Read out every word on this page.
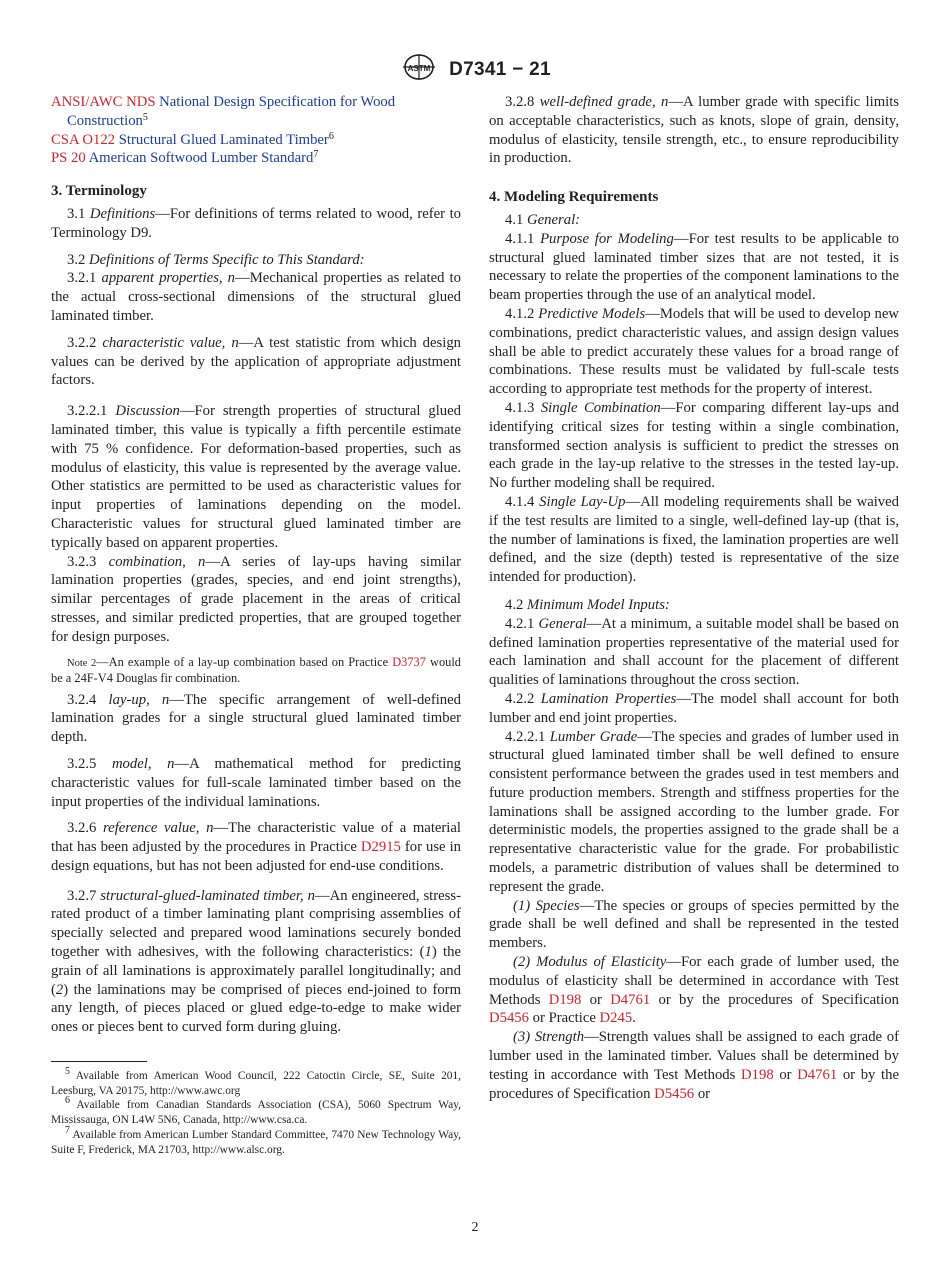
ASTM D7341 − 21

ANSI/AWC NDS National Design Specification for Wood Construction$^5$

CSA O122 Structural Glued Laminated Timber$^6$

PS 20 American Softwood Lumber Standard$^7$

3. Terminology

3.1 Definitions—For definitions of terms related to wood, refer to Terminology D9.

3.2 Definitions of Terms Specific to This Standard:

3.2.1 apparent properties, n—Mechanical properties as related to the actual cross-sectional dimensions of the structural glued laminated timber.

3.2.2 characteristic value, n—A test statistic from which design values can be derived by the application of appropriate adjustment factors.

3.2.2.1 Discussion—For strength properties of structural glued laminated timber, this value is typically a fifth percentile estimate with 75 % confidence. For deformation-based properties, such as modulus of elasticity, this value is represented by the average value. Other statistics are permitted to be used as characteristic values for input properties of laminations depending on the model. Characteristic values for structural glued laminated timber are typically based on apparent properties.

3.2.3 combination, n—A series of lay-ups having similar lamination properties (grades, species, and end joint strengths), similar percentages of grade placement in the areas of critical stresses, and similar predicted properties, that are grouped together for design purposes.

Note 2—An example of a lay-up combination based on Practice D3737 would be a 24F-V4 Douglas fir combination.

3.2.4 lay-up, n—The specific arrangement of well-defined lamination grades for a single structural glued laminated timber depth.

3.2.5 model, n—A mathematical method for predicting characteristic values for full-scale laminated timber based on the input properties of the individual laminations.

3.2.6 reference value, n—The characteristic value of a material that has been adjusted by the procedures in Practice D2915 for use in design equations, but has not been adjusted for end-use conditions.

3.2.7 structural-glued-laminated timber, n—An engineered, stress-rated product of a timber laminating plant comprising assemblies of specially selected and prepared wood laminations securely bonded together with adhesives, with the following characteristics: (1) the grain of all laminations is approximately parallel longitudinally; and (2) the laminations may be comprised of pieces end-joined to form any length, of pieces placed or glued edge-to-edge to make wider ones or pieces bent to curved form during gluing.

$^5$ Available from American Wood Council, 222 Catoctin Circle, SE, Suite 201, Leesburg, VA 20175, http://www.awc.org

$^6$ Available from Canadian Standards Association (CSA), 5060 Spectrum Way, Mississauga, ON L4W 5N6, Canada, http://www.csa.ca.

$^7$ Available from American Lumber Standard Committee, 7470 New Technology Way, Suite F, Frederick, MA 21703, http://www.alsc.org.

3.2.8 well-defined grade, n—A lumber grade with specific limits on acceptable characteristics, such as knots, slope of grain, density, modulus of elasticity, tensile strength, etc., to ensure reproducibility in production.

4. Modeling Requirements

4.1 General:

4.1.1 Purpose for Modeling—For test results to be applicable to structural glued laminated timber sizes that are not tested, it is necessary to relate the properties of the component laminations to the beam properties through the use of an analytical model.

4.1.2 Predictive Models—Models that will be used to develop new combinations, predict characteristic values, and assign design values shall be able to predict accurately these values for a broad range of combinations. These results must be validated by full-scale tests according to appropriate test methods for the property of interest.

4.1.3 Single Combination—For comparing different lay-ups and identifying critical sizes for testing within a single combination, transformed section analysis is sufficient to predict the stresses on each grade in the lay-up relative to the stresses in the tested lay-up. No further modeling shall be required.

4.1.4 Single Lay-Up—All modeling requirements shall be waived if the test results are limited to a single, well-defined lay-up (that is, the number of laminations is fixed, the lamination properties are well defined, and the size (depth) tested is representative of the size intended for production).

4.2 Minimum Model Inputs:

4.2.1 General—At a minimum, a suitable model shall be based on defined lamination properties representative of the material used for each lamination and shall account for the placement of different qualities of laminations throughout the cross section.

4.2.2 Lamination Properties—The model shall account for both lumber and end joint properties.

4.2.2.1 Lumber Grade—The species and grades of lumber used in structural glued laminated timber shall be well defined to ensure consistent performance between the grades used in test members and future production members. Strength and stiffness properties for the laminations shall be assigned according to the lumber grade. For deterministic models, the properties assigned to the grade shall be a representative characteristic value for the grade. For probabilistic models, a parametric distribution of values shall be determined to represent the grade.

(1) Species—The species or groups of species permitted by the grade shall be well defined and shall be represented in the tested members.

(2) Modulus of Elasticity—For each grade of lumber used, the modulus of elasticity shall be determined in accordance with Test Methods D198 or D4761 or by the procedures of Specification D5456 or Practice D245.

(3) Strength—Strength values shall be assigned to each grade of lumber used in the laminated timber. Values shall be determined by testing in accordance with Test Methods D198 or D4761 or by the procedures of Specification D5456 or

2
